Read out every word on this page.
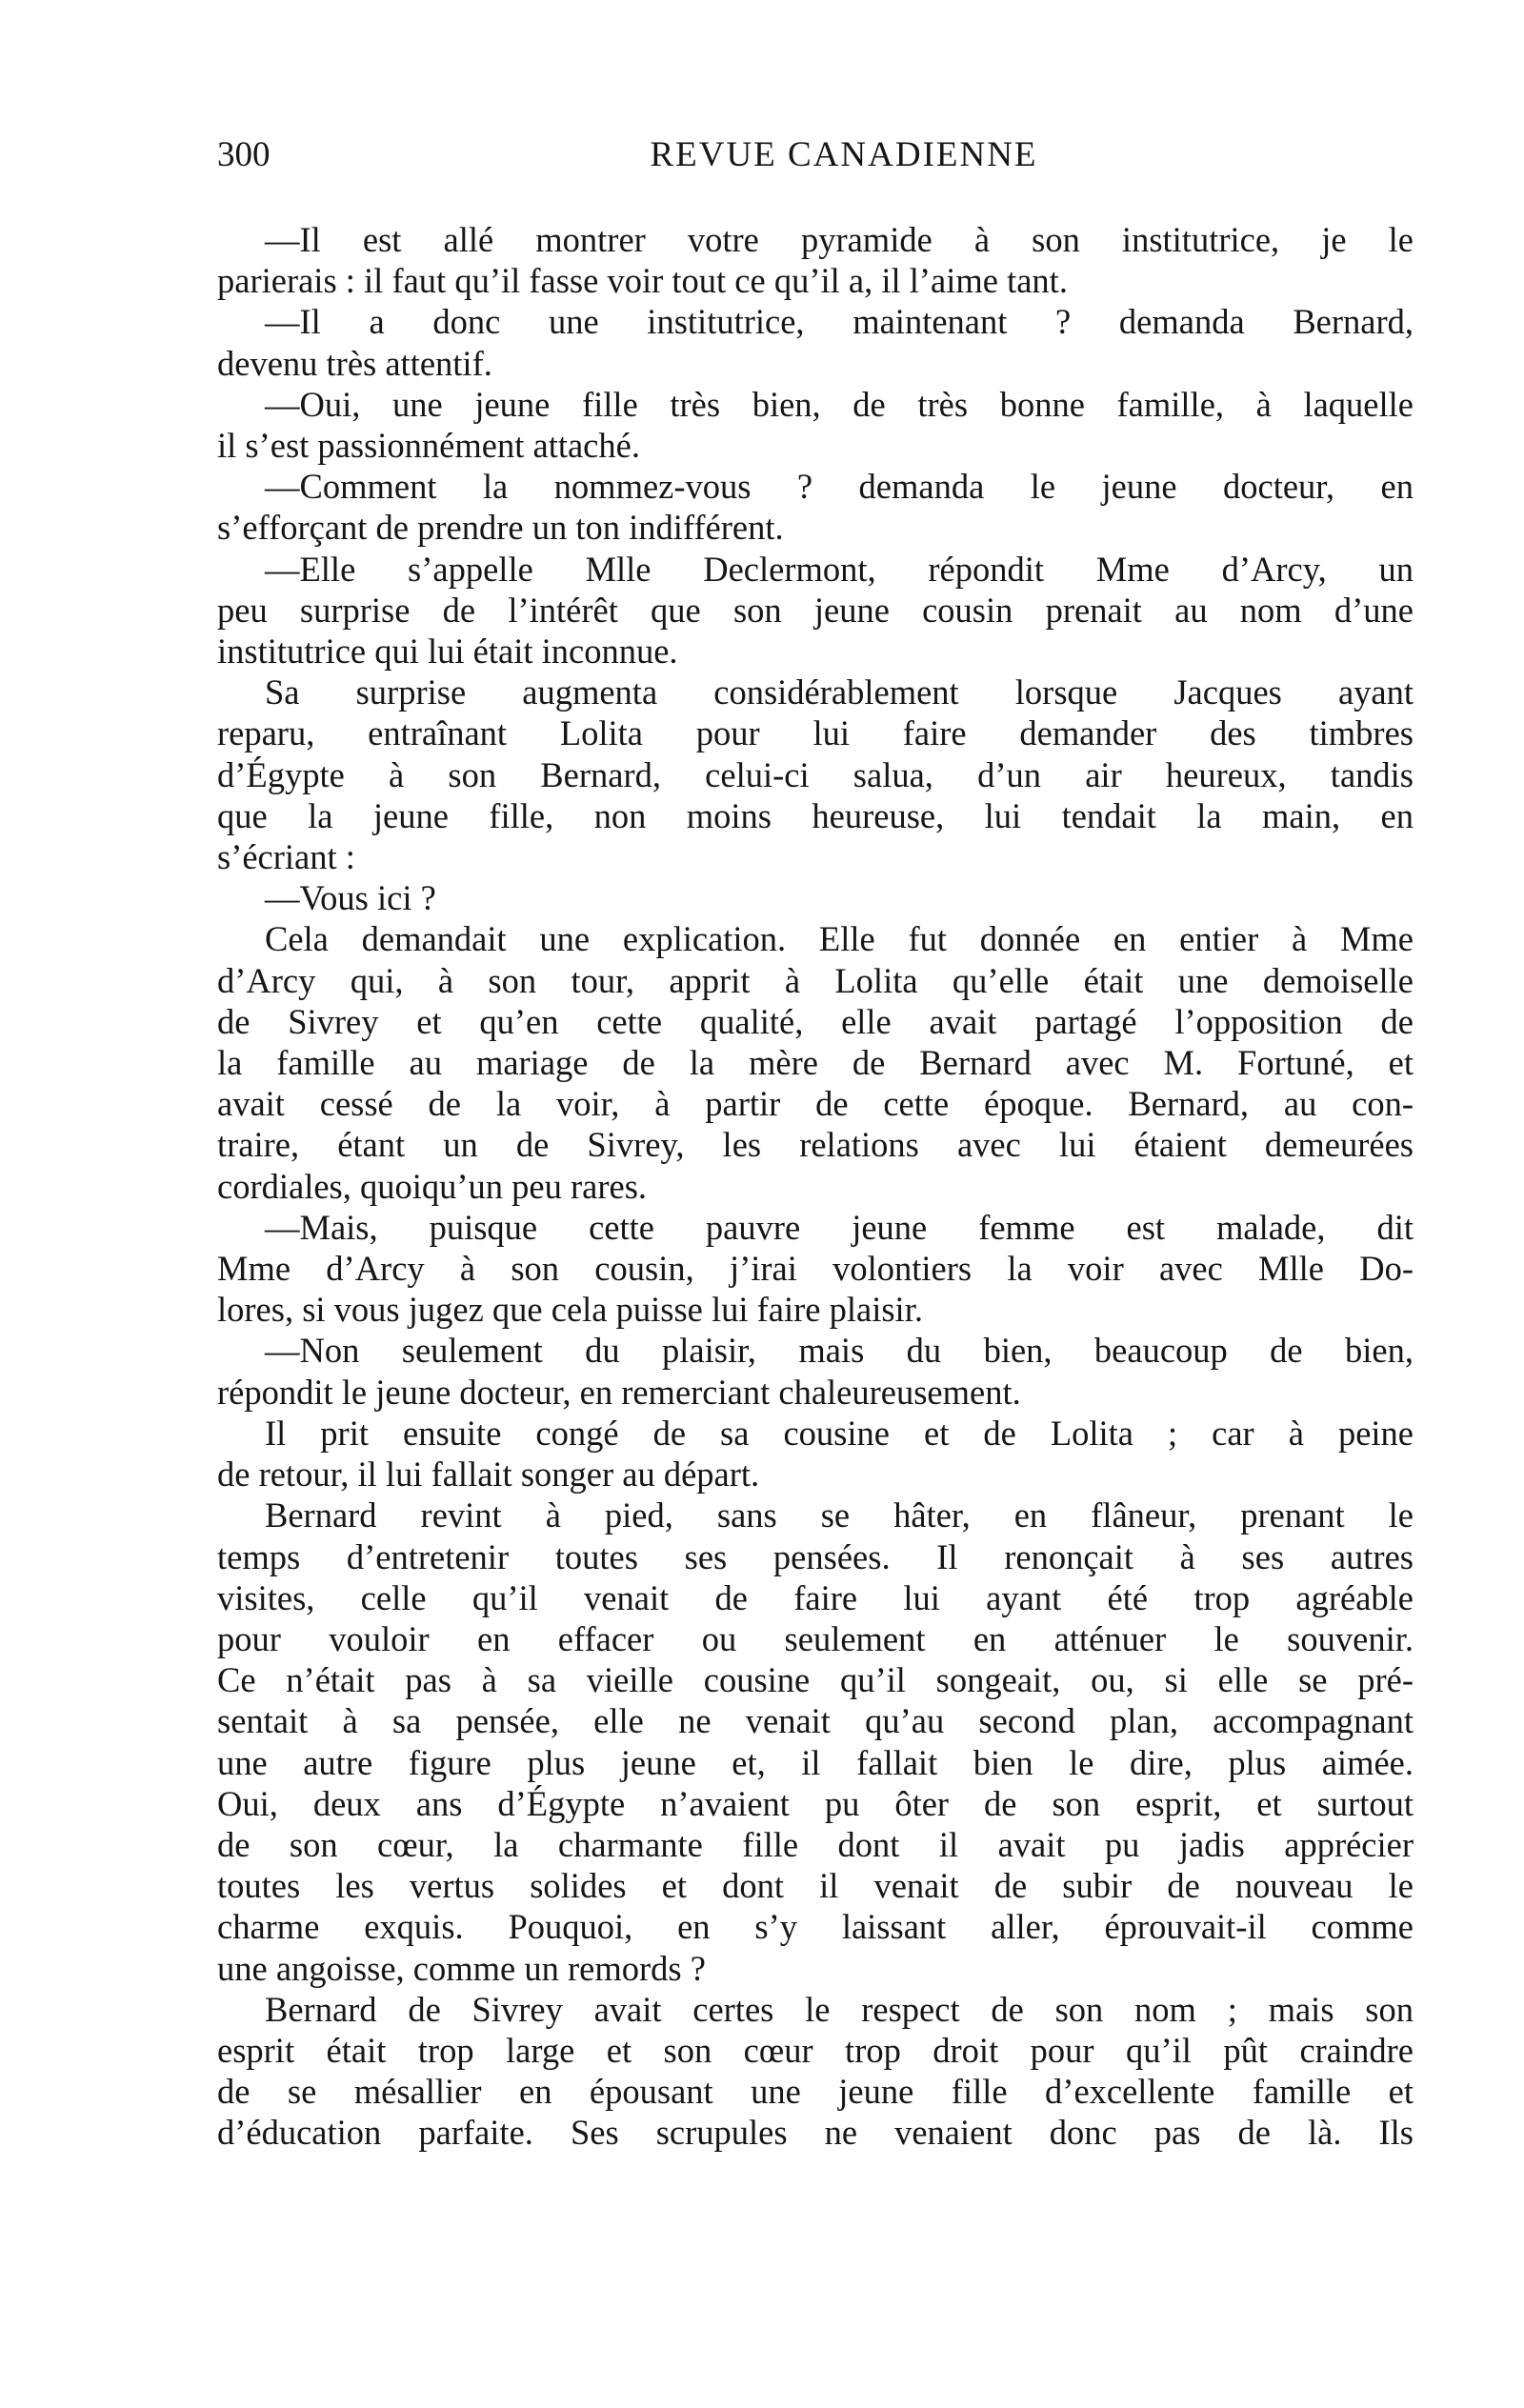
300	REVUE CANADIENNE
—Il est allé montrer votre pyramide à son institutrice, je le
parierais : il faut qu’il fasse voir tout ce qu’il a, il l’aime tant.
—Il a donc une institutrice, maintenant ? demanda Bernard,
devenu très attentif.
—Oui, une jeune fille très bien, de très bonne famille, à laquelle
il s’est passionnément attaché.
—Comment la nommez-vous ? demanda le jeune docteur, en
s’efforçant de prendre un ton indifférent.
—Elle s’appelle Mlle Declermont, répondit Mme d’Arcy, un
peu surprise de l’intérêt que son jeune cousin prenait au nom d’une
institutrice qui lui était inconnue.
Sa surprise augmenta considérablement lorsque Jacques ayant
reparu, entraînant Lolita pour lui faire demander des timbres
d’Égypte à son Bernard, celui-ci salua, d’un air heureux, tandis
que la jeune fille, non moins heureuse, lui tendait la main, en
s’écriant :
—Vous ici ?
Cela demandait une explication. Elle fut donnée en entier à Mme
d’Arcy qui, à son tour, apprit à Lolita qu’elle était une demoiselle
de Sivrey et qu’en cette qualité, elle avait partagé l’opposition de
la famille au mariage de la mère de Bernard avec M. Fortuné, et
avait cessé de la voir, à partir de cette époque. Bernard, au con-
traire, étant un de Sivrey, les relations avec lui étaient demeurées
cordiales, quoiqu’un peu rares.
—Mais, puisque cette pauvre jeune femme est malade, dit
Mme d’Arcy à son cousin, j’irai volontiers la voir avec Mlle Do-
lores, si vous jugez que cela puisse lui faire plaisir.
—Non seulement du plaisir, mais du bien, beaucoup de bien,
répondit le jeune docteur, en remerciant chaleureusement.
Il prit ensuite congé de sa cousine et de Lolita ; car à peine
de retour, il lui fallait songer au départ.
Bernard revint à pied, sans se hâter, en flâneur, prenant le
temps d’entretenir toutes ses pensées. Il renonçait à ses autres
visites, celle qu’il venait de faire lui ayant été trop agréable
pour vouloir en effacer ou seulement en atténuer le souvenir.
Ce n’était pas à sa vieille cousine qu’il songeait, ou, si elle se pré-
sentait à sa pensée, elle ne venait qu’au second plan, accompagnant
une autre figure plus jeune et, il fallait bien le dire, plus aimée.
Oui, deux ans d’Égypte n’avaient pu ôter de son esprit, et surtout
de son cœur, la charmante fille dont il avait pu jadis apprécier
toutes les vertus solides et dont il venait de subir de nouveau le
charme exquis. Pouquoi, en s’y laissant aller, éprouvait-il comme
une angoisse, comme un remords ?
Bernard de Sivrey avait certes le respect de son nom ; mais son
esprit était trop large et son cœur trop droit pour qu’il pût craindre
de se mésallier en épousant une jeune fille d’excellente famille et
d’éducation parfaite. Ses scrupules ne venaient donc pas de là. Ils
